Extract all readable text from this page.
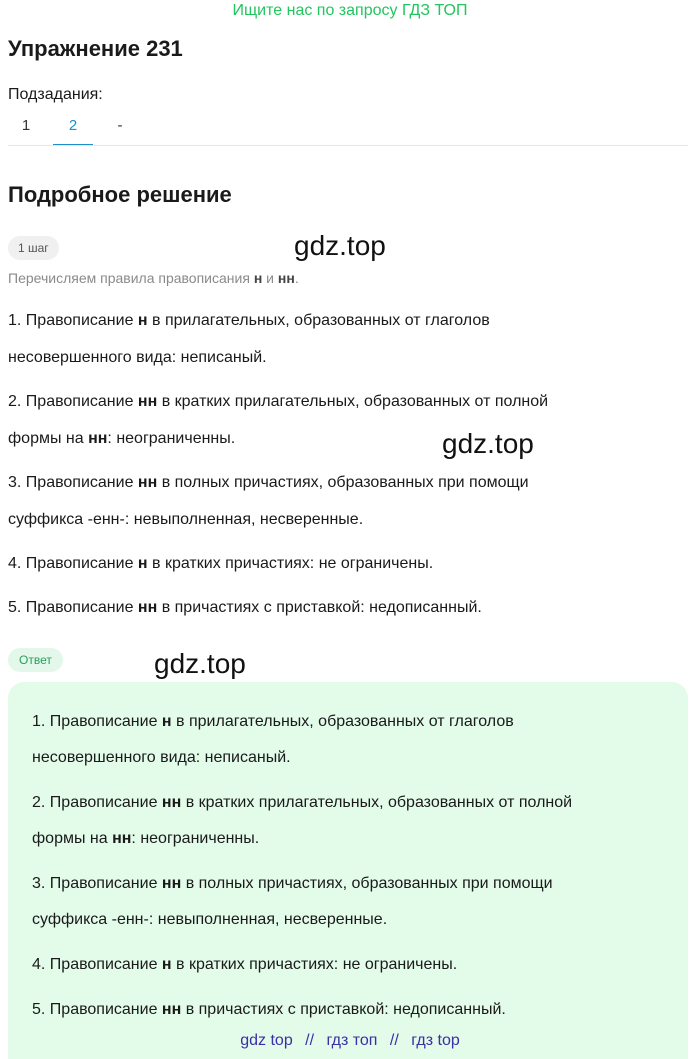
Ищите нас по запросу ГДЗ ТОП
Упражнение 231
Подзадания:
1	2	-
Подробное решение
1 шаг	gdz.top
gdz.top
gdz.top
Перечисляем правила правописания н и нн.

1. Правописание н в прилагательных, образованных от глаголов
несовершенного вида: неписаный.

2. Правописание нн в кратких прилагательных, образованных от полной
формы на нн: неограниченны.

3. Правописание нн в полных причастиях, образованных при помощи
суффикса -енн-: невыполненная, несверенные.

4. Правописание н в кратких причастиях: не ограничены.

5. Правописание нн в причастиях с приставкой: недописанный.

Ответ

1. Правописание н в прилагательных, образованных от глаголов
несовершенного вида: неписаный.

2. Правописание нн в кратких прилагательных, образованных от полной
формы на нн: неограниченны.

3. Правописание нн в полных причастиях, образованных при помощи
суффикса -енн-: невыполненная, несверенные.

4. Правописание н в кратких причастиях: не ограничены.

5. Правописание нн в причастиях с приставкой: недописанный.

gdz top // гдз топ // гдз top
